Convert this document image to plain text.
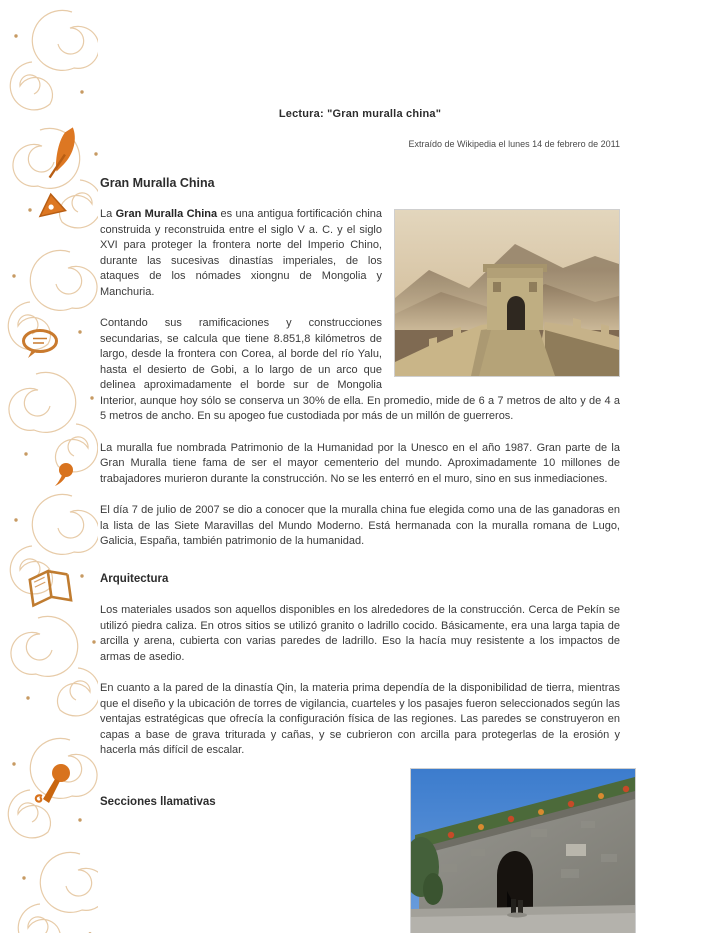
Lectura: "Gran muralla china"
Extraído de Wikipedia el lunes 14 de febrero de 2011
Gran Muralla China

La Gran Muralla China es una antigua fortificación china construida y reconstruida entre el siglo V a. C. y el siglo XVI para proteger la frontera norte del Imperio Chino, durante las sucesivas dinastías imperiales, de los ataques de los nómades xiongnu de Mongolia y Manchuria.

Contando sus ramificaciones y construcciones secundarias, se calcula que tiene 8.851,8 kilómetros de largo, desde la frontera con Corea, al borde del río Yalu, hasta el desierto de Gobi, a lo largo de un arco que delinea aproximadamente el borde sur de Mongolia Interior, aunque hoy sólo se conserva un 30% de ella. En promedio, mide de 6 a 7 metros de alto y de 4 a 5 metros de ancho. En su apogeo fue custodiada por más de un millón de guerreros.

La muralla fue nombrada Patrimonio de la Humanidad por la Unesco en el año 1987. Gran parte de la Gran Muralla tiene fama de ser el mayor cementerio del mundo. Aproximadamente 10 millones de trabajadores murieron durante la construcción. No se les enterró en el muro, sino en sus inmediaciones.

El día 7 de julio de 2007 se dio a conocer que la muralla china fue elegida como una de las ganadoras en la lista de las Siete Maravillas del Mundo Moderno. Está hermanada con la muralla romana de Lugo, Galicia, España, también patrimonio de la humanidad.

Arquitectura

Los materiales usados son aquellos disponibles en los alrededores de la construcción. Cerca de Pekín se utilizó piedra caliza. En otros sitios se utilizó granito o ladrillo cocido. Básicamente, era una larga tapia de arcilla y arena, cubierta con varias paredes de ladrillo. Eso la hacía muy resistente a los impactos de armas de asedio.

En cuanto a la pared de la dinastía Qin, la materia prima dependía de la disponibilidad de tierra, mientras que el diseño y la ubicación de torres de vigilancia, cuarteles y los pasajes fueron seleccionados según las ventajas estratégicas que ofrecía la configuración física de las regiones. Las paredes se construyeron en capas a base de grava triturada y cañas, y se cubrieron con arcilla para protegerlas de la erosión y hacerla más difícil de escalar.

Secciones llamativas
